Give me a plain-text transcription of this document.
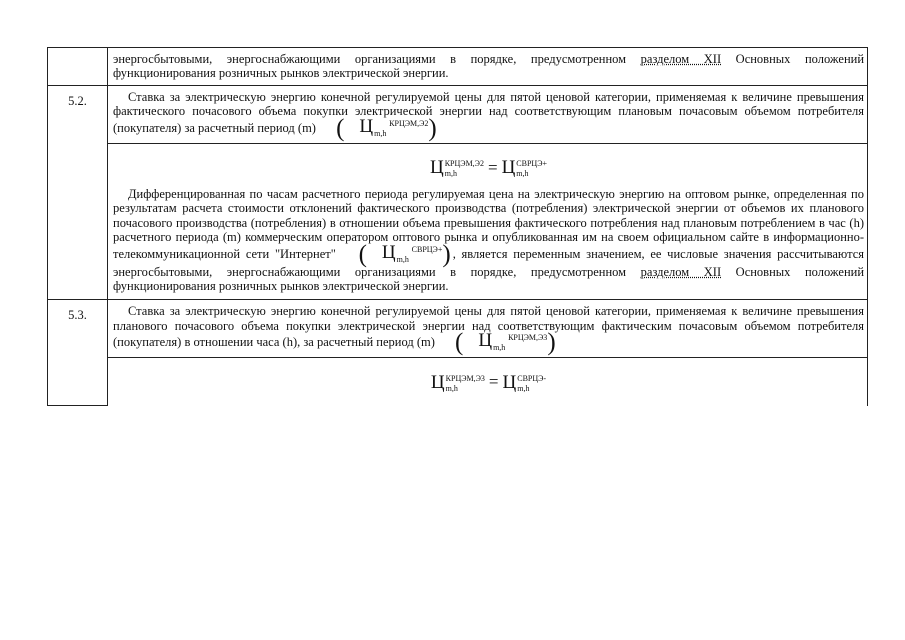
энергосбытовыми, энергоснабжающими организациями в порядке, предусмотренном разделом XII Основных положений функционирования розничных рынков электрической энергии.
5.2.	Ставка за электрическую энергию конечной регулируемой цены для пятой ценовой категории, применяемая к величине превышения фактического почасового объема покупки электрической энергии над соответствующим плановым почасовым объемом потребителя (покупателя) за расчетный период (m) ( Ц КРЦЭМ,Э2
m,h )
ЦКРЦЭМ,Э2
m,h = ЦСВРЦЭ+
m,h
Дифференцированная по часам расчетного периода регулируемая цена на электрическую энергию на оптовом рынке, определенная по результатам расчета стоимости отклонений фактического производства (потребления) электрической энергии от объемов их планового почасового производства (потребления) в отношении объема превышения фактического потребления над плановым потреблением в час (h) расчетного периода (m) коммерческим оператором оптового рынка и опубликованная им на своем официальном сайте в информационно-телекоммуникационной сети "Интернет" ( Ц СВРЦЭ+
m,h ) , является переменным значением, ее числовые значения рассчитываются энергосбытовыми, энергоснабжающими организациями в порядке, предусмотренном разделом XII Основных положений функционирования розничных рынков электрической энергии.
5.3.	Ставка за электрическую энергию конечной регулируемой цены для пятой ценовой категории, применяемая к величине превышения планового почасового объема покупки электрической энергии над соответствующим фактическим почасовым объемом потребителя (покупателя) в отношении часа (h), за расчетный период (m) ( Ц КРЦЭМ,Э3
m,h )
ЦКРЦЭМ,Э3
m,h = ЦСВРЦЭ-
m,h
